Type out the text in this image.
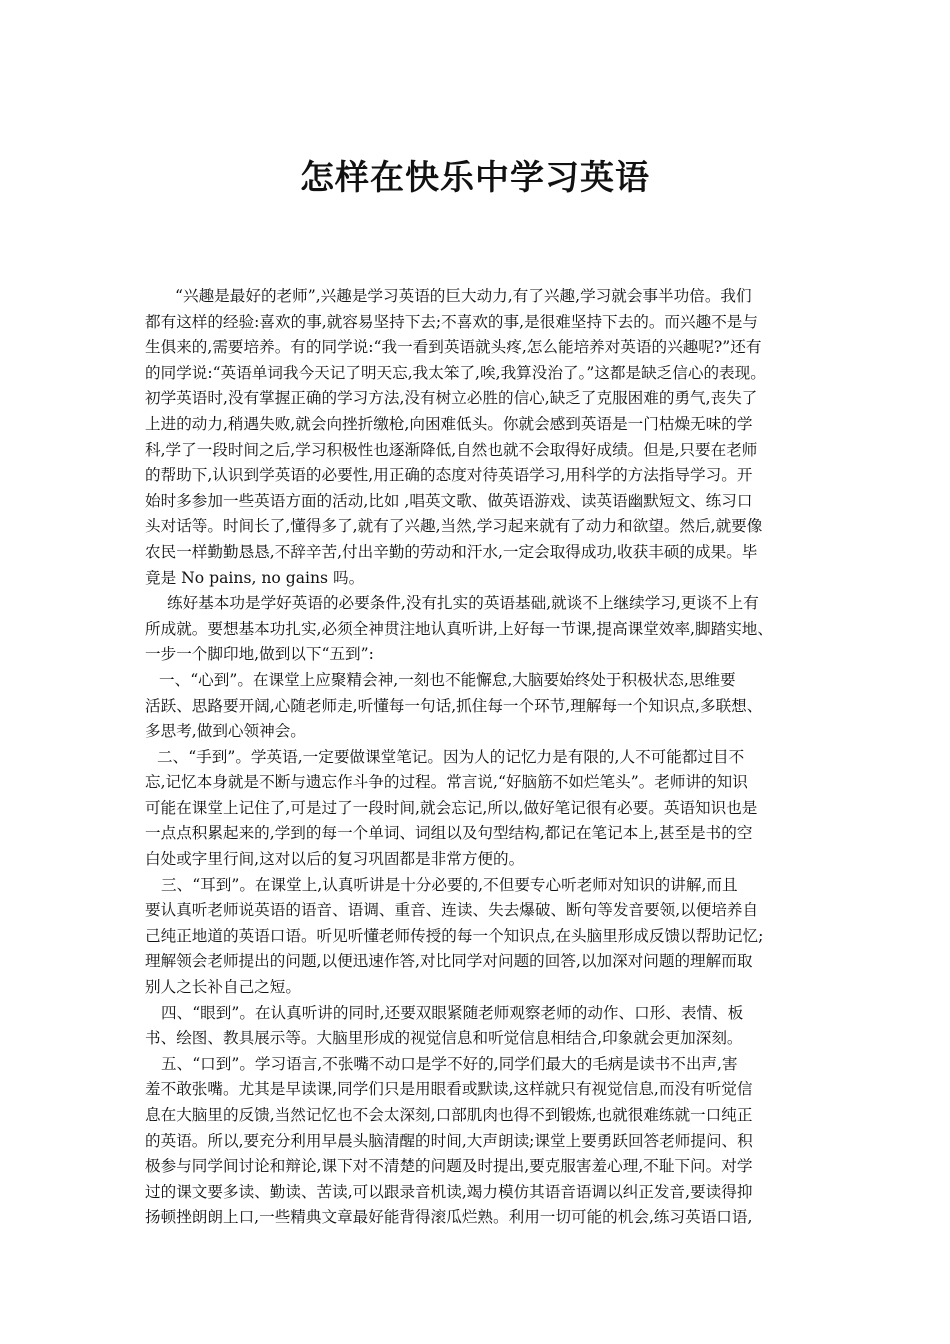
怎样在快乐中学习英语
“兴趣是最好的老师”,兴趣是学习英语的巨大动力,有了兴趣,学习就会事半功倍。我们
都有这样的经验:喜欢的事,就容易坚持下去;不喜欢的事,是很难坚持下去的。而兴趣不是与
生俱来的,需要培养。有的同学说:“我一看到英语就头疼,怎么能培养对英语的兴趣呢?”还有
的同学说:“英语单词我今天记了明天忘,我太笨了,唉,我算没治了。”这都是缺乏信心的表现。
初学英语时,没有掌握正确的学习方法,没有树立必胜的信心,缺乏了克服困难的勇气,丧失了
上进的动力,稍遇失败,就会向挫折缴枪,向困难低头。你就会感到英语是一门枯燥无味的学
科,学了一段时间之后,学习积极性也逐渐降低,自然也就不会取得好成绩。但是,只要在老师
的帮助下,认识到学英语的必要性,用正确的态度对待英语学习,用科学的方法指导学习。开
始时多参加一些英语方面的活动,比如 ,唱英文歌、做英语游戏、读英语幽默短文、练习口
头对话等。时间长了,懂得多了,就有了兴趣,当然,学习起来就有了动力和欲望。然后,就要像
农民一样勤勤恳恳,不辞辛苦,付出辛勤的劳动和汗水,一定会取得成功,收获丰硕的成果。毕
竟是 No pains, no gains 吗。
练好基本功是学好英语的必要条件,没有扎实的英语基础,就谈不上继续学习,更谈不上有
所成就。要想基本功扎实,必须全神贯注地认真听讲,上好每一节课,提高课堂效率,脚踏实地、
一步一个脚印地,做到以下“五到”:
一、“心到”。在课堂上应聚精会神,一刻也不能懈怠,大脑要始终处于积极状态,思维要
活跃、思路要开阔,心随老师走,听懂每一句话,抓住每一个环节,理解每一个知识点,多联想、
多思考,做到心领神会。
二、“手到”。学英语,一定要做课堂笔记。因为人的记忆力是有限的,人不可能都过目不
忘,记忆本身就是不断与遗忘作斗争的过程。常言说,“好脑筋不如烂笔头”。老师讲的知识
可能在课堂上记住了,可是过了一段时间,就会忘记,所以,做好笔记很有必要。英语知识也是
一点点积累起来的,学到的每一个单词、词组以及句型结构,都记在笔记本上,甚至是书的空
白处或字里行间,这对以后的复习巩固都是非常方便的。
三、“耳到”。在课堂上,认真听讲是十分必要的,不但要专心听老师对知识的讲解,而且
要认真听老师说英语的语音、语调、重音、连读、失去爆破、断句等发音要领,以便培养自
己纯正地道的英语口语。听见听懂老师传授的每一个知识点,在头脑里形成反馈以帮助记忆;
理解领会老师提出的问题,以便迅速作答,对比同学对问题的回答,以加深对问题的理解而取
别人之长补自己之短。
四、“眼到”。在认真听讲的同时,还要双眼紧随老师观察老师的动作、口形、表情、板
书、绘图、教具展示等。大脑里形成的视觉信息和听觉信息相结合,印象就会更加深刻。
五、“口到”。学习语言,不张嘴不动口是学不好的,同学们最大的毛病是读书不出声,害
羞不敢张嘴。尤其是早读课,同学们只是用眼看或默读,这样就只有视觉信息,而没有听觉信
息在大脑里的反馈,当然记忆也不会太深刻,口部肌肉也得不到锻炼,也就很难练就一口纯正
的英语。所以,要充分利用早晨头脑清醒的时间,大声朗读;课堂上要勇跃回答老师提问、积
极参与同学间讨论和辩论,课下对不清楚的问题及时提出,要克服害羞心理,不耻下问。对学
过的课文要多读、勤读、苦读,可以跟录音机读,竭力模仿其语音语调以纠正发音,要读得抑
扬顿挫朗朗上口,一些精典文章最好能背得滚瓜烂熟。利用一切可能的机会,练习英语口语,
